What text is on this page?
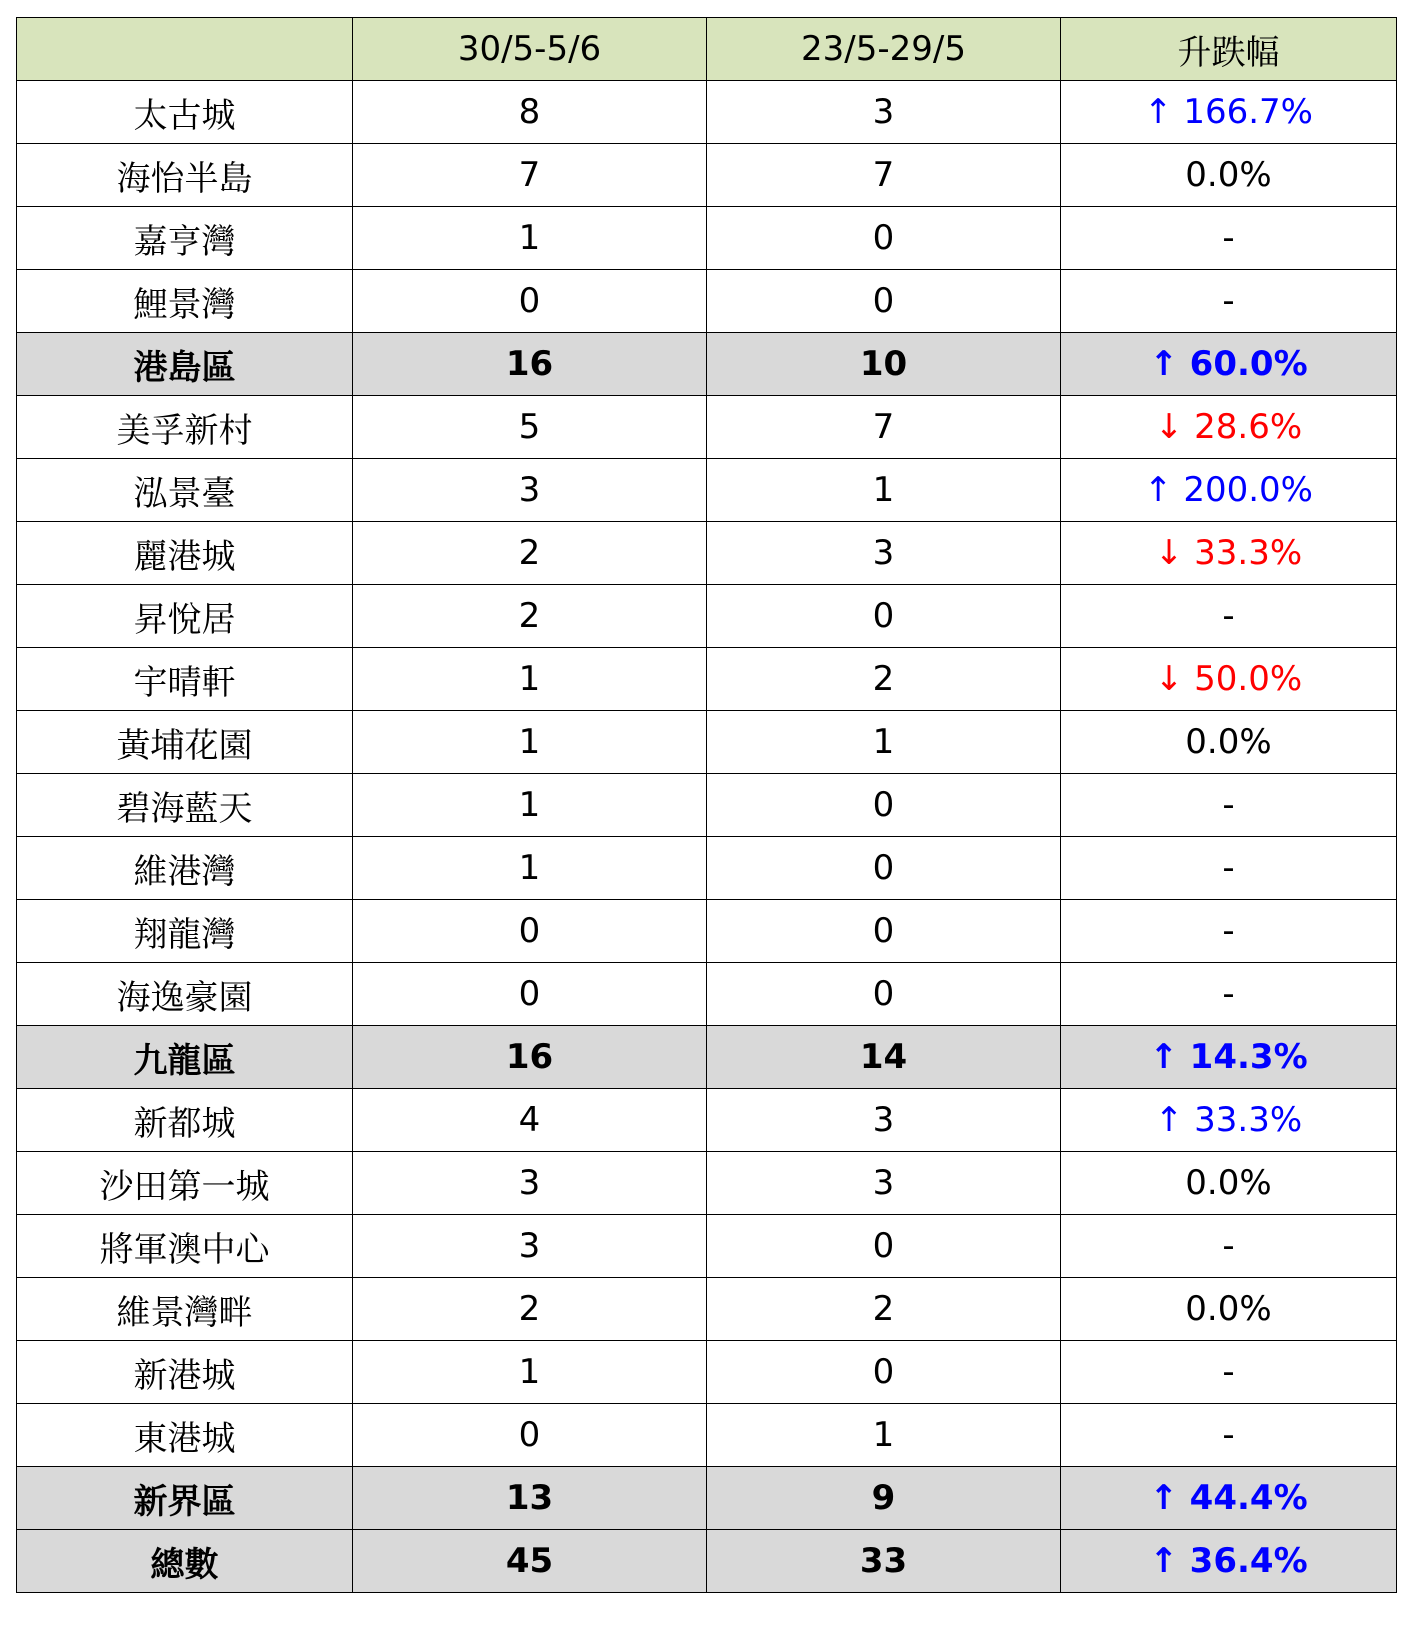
	30/5-5/6	23/5-29/5	升跌幅
太古城	8	3	↑ 166.7%
海怡半島	7	7	0.0%
嘉亨灣	1	0	-
鯉景灣	0	0	-
港島區	16	10	↑ 60.0%
美孚新村	5	7	↓ 28.6%
泓景臺	3	1	↑ 200.0%
麗港城	2	3	↓ 33.3%
昇悅居	2	0	-
宇晴軒	1	2	↓ 50.0%
黃埔花園	1	1	0.0%
碧海藍天	1	0	-
維港灣	1	0	-
翔龍灣	0	0	-
海逸豪園	0	0	-
九龍區	16	14	↑ 14.3%
新都城	4	3	↑ 33.3%
沙田第一城	3	3	0.0%
將軍澳中心	3	0	-
維景灣畔	2	2	0.0%
新港城	1	0	-
東港城	0	1	-
新界區	13	9	↑ 44.4%
總數	45	33	↑ 36.4%
